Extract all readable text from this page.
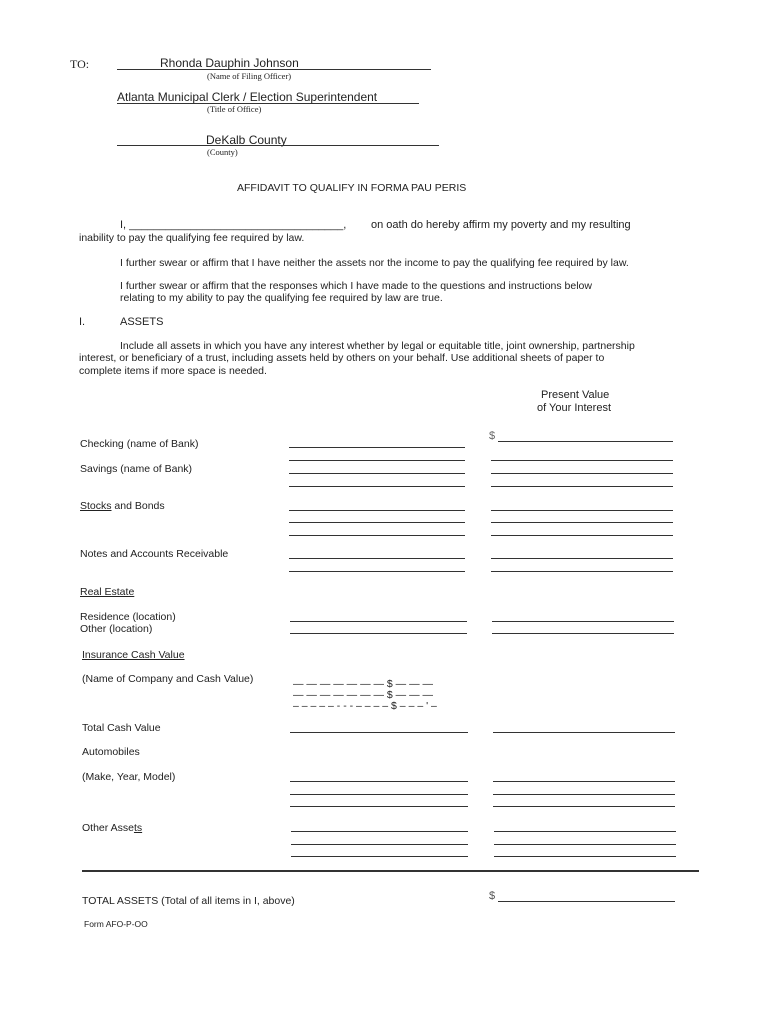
TO:	Rhonda Dauphin Johnson
(Name of Filing Officer)
Atlanta Municipal Clerk / Election Superintendent
(Title of Office)
DeKalb County
(County)
AFFIDAVIT TO QUALIFY IN FORMA PAU PERIS
I, ___________________________________, on oath do hereby affirm my poverty and my resulting
inability to pay the qualifying fee required by law.
I further swear or affirm that I have neither the assets nor the income to pay the qualifying fee required by law.
I further swear or affirm that the responses which I have made to the questions and instructions below
relating to my ability to pay the qualifying fee required by law are true.
I.	ASSETS
Include all assets in which you have any interest whether by legal or equitable title, joint ownership, partnership
interest, or beneficiary of a trust, including assets held by others on your behalf. Use additional sheets of paper to
complete items if more space is needed.
Present Value
of Your Interest
Checking (name of Bank)
$
Savings (name of Bank)
Stocks and Bonds
Notes and Accounts Receivable
Real Estate
Residence (location)
Other (location)
Insurance Cash Value
(Name of Company and Cash Value)	— — — — — — — $ — — —
— — — — — — — $ — — —
– – – – – - - - – – – – $ – – – ' –
Total Cash Value
Automobiles
(Make, Year, Model)
Other Assets
TOTAL ASSETS (Total of all items in I, above)	$
Form AFO-P-OO
